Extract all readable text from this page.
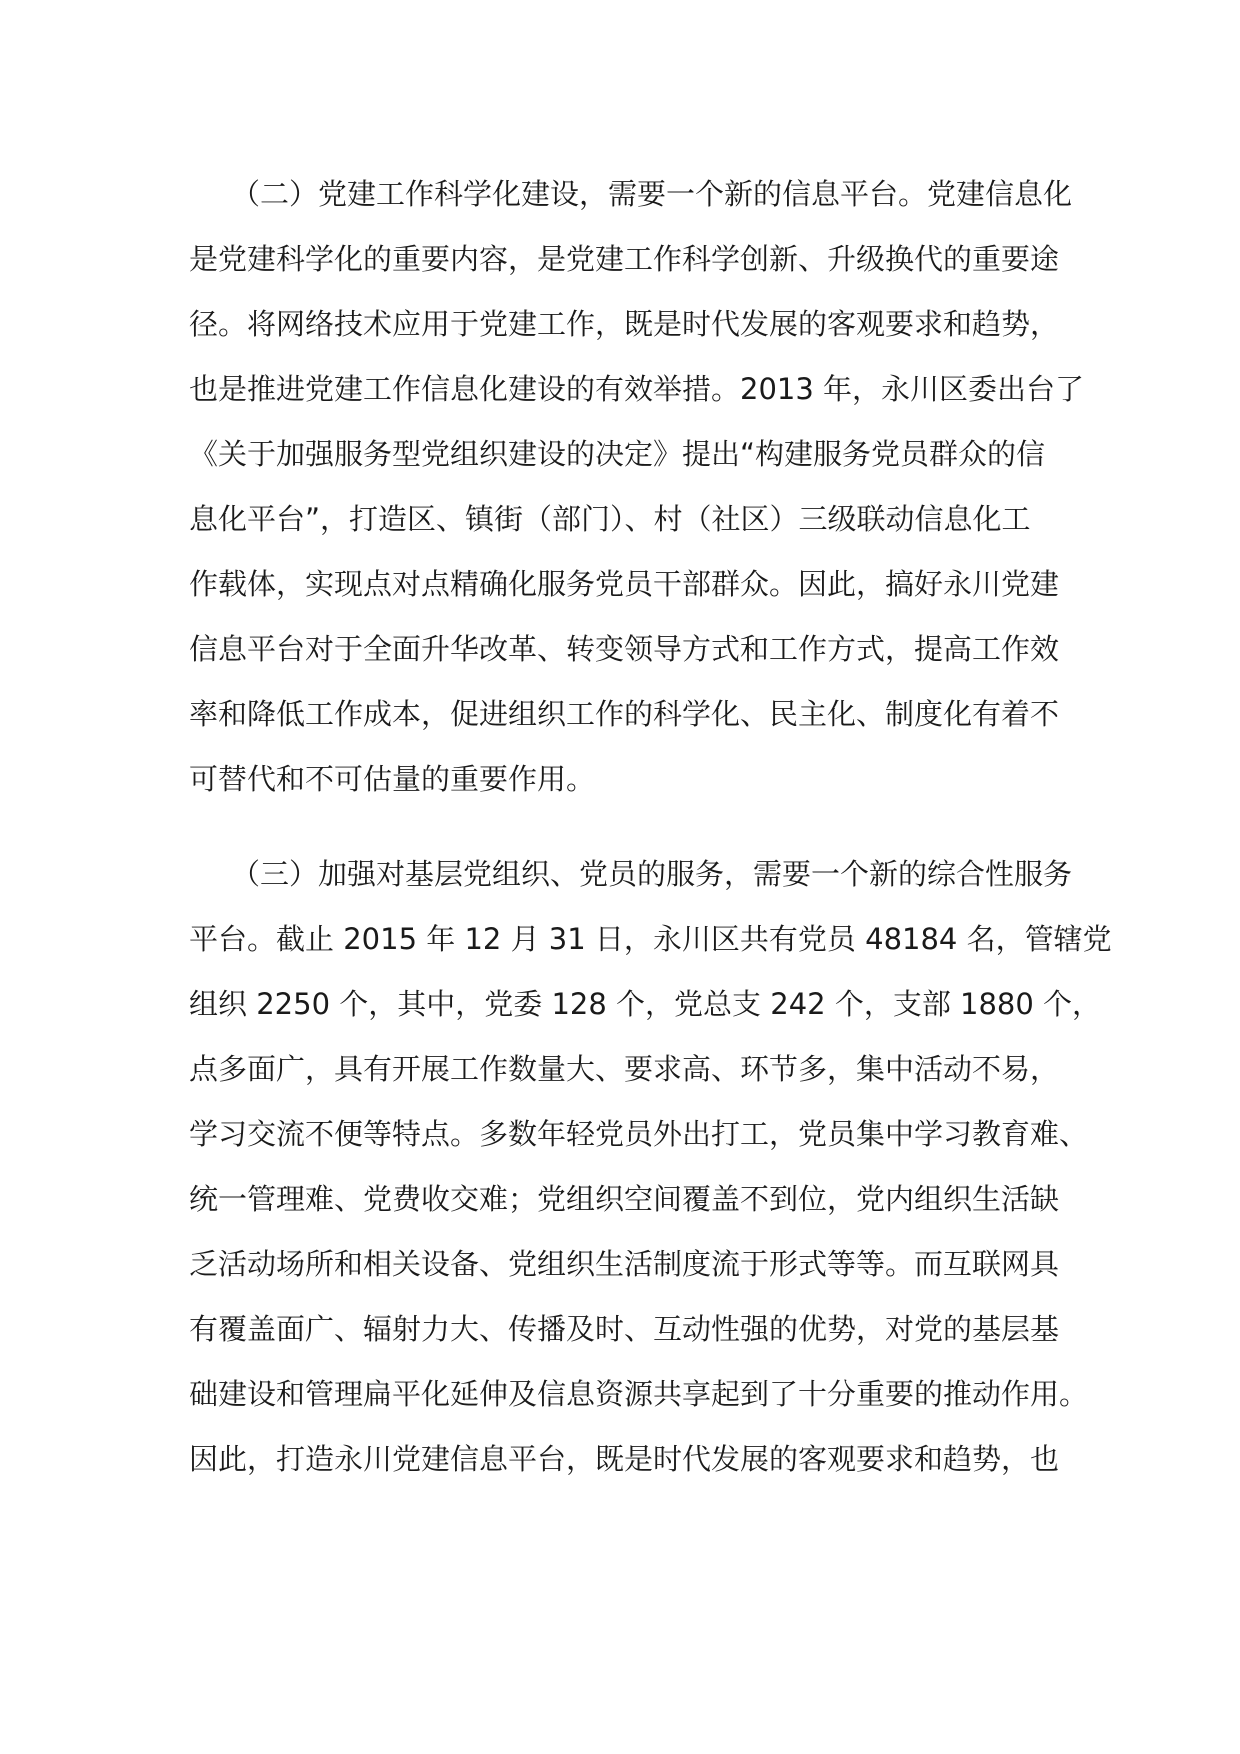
（二）党建工作科学化建设，需要一个新的信息平台。党建信息化
是党建科学化的重要内容，是党建工作科学创新、升级换代的重要途
径。将网络技术应用于党建工作，既是时代发展的客观要求和趋势，
也是推进党建工作信息化建设的有效举措。2013 年，永川区委出台了
《关于加强服务型党组织建设的决定》提出“构建服务党员群众的信
息化平台”，打造区、镇街（部门）、村（社区）三级联动信息化工
作载体，实现点对点精确化服务党员干部群众。因此，搞好永川党建
信息平台对于全面升华改革、转变领导方式和工作方式，提高工作效
率和降低工作成本，促进组织工作的科学化、民主化、制度化有着不
可替代和不可估量的重要作用。
（三）加强对基层党组织、党员的服务，需要一个新的综合性服务
平台。截止 2015 年 12 月 31 日，永川区共有党员 48184 名，管辖党
组织 2250 个，其中，党委 128 个，党总支 242 个，支部 1880 个，
点多面广，具有开展工作数量大、要求高、环节多，集中活动不易，
学习交流不便等特点。多数年轻党员外出打工，党员集中学习教育难、
统一管理难、党费收交难；党组织空间覆盖不到位，党内组织生活缺
乏活动场所和相关设备、党组织生活制度流于形式等等。而互联网具
有覆盖面广、辐射力大、传播及时、互动性强的优势，对党的基层基
础建设和管理扁平化延伸及信息资源共享起到了十分重要的推动作用。
因此，打造永川党建信息平台，既是时代发展的客观要求和趋势，也
